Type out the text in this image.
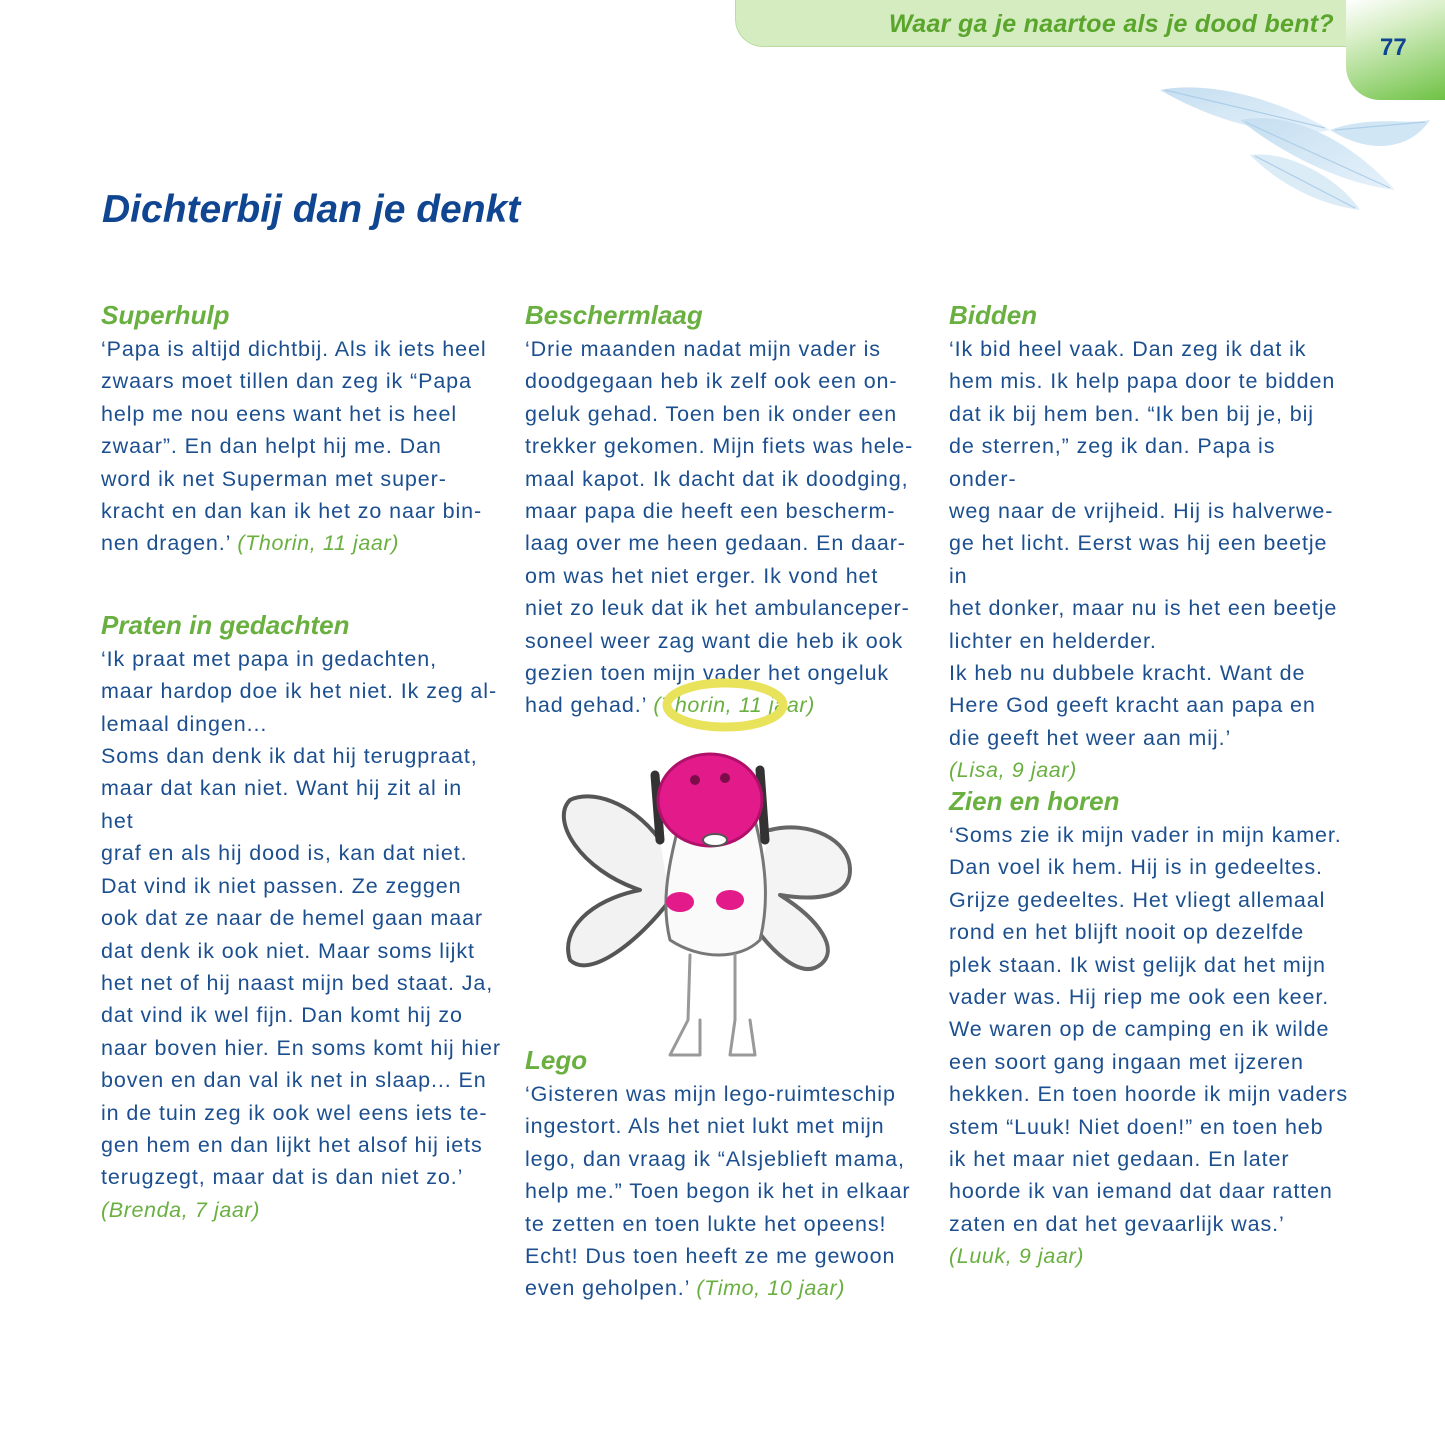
Waar ga je naartoe als je dood bent?
77
Dichterbij dan je denkt
Superhulp

‘Papa is altijd dichtbij. Als ik iets heel
zwaars moet tillen dan zeg ik “Papa
help me nou eens want het is heel
zwaar”. En dan helpt hij me. Dan
word ik net Superman met super-
kracht en dan kan ik het zo naar bin-
nen dragen.’ (Thorin, 11 jaar)

Praten in gedachten

‘Ik praat met papa in gedachten,
maar hardop doe ik het niet. Ik zeg al-
lemaal dingen...
Soms dan denk ik dat hij terugpraat,
maar dat kan niet. Want hij zit al in het
graf en als hij dood is, kan dat niet.
Dat vind ik niet passen. Ze zeggen
ook dat ze naar de hemel gaan maar
dat denk ik ook niet. Maar soms lijkt
het net of hij naast mijn bed staat. Ja,
dat vind ik wel fijn. Dan komt hij zo
naar boven hier. En soms komt hij hier
boven en dan val ik net in slaap... En
in de tuin zeg ik ook wel eens iets te-
gen hem en dan lijkt het alsof hij iets
terugzegt, maar dat is dan niet zo.’
(Brenda, 7 jaar)

Beschermlaag

‘Drie maanden nadat mijn vader is
doodgegaan heb ik zelf ook een on-
geluk gehad. Toen ben ik onder een
trekker gekomen. Mijn fiets was hele-
maal kapot. Ik dacht dat ik doodging,
maar papa die heeft een bescherm-
laag over me heen gedaan. En daar-
om was het niet erger. Ik vond het
niet zo leuk dat ik het ambulanceper-
soneel weer zag want die heb ik ook
gezien toen mijn vader het ongeluk
had gehad.’ (Thorin, 11 jaar)

Lego

‘Gisteren was mijn lego-ruimteschip
ingestort. Als het niet lukt met mijn
lego, dan vraag ik “Alsjeblieft mama,
help me.” Toen begon ik het in elkaar
te zetten en toen lukte het opeens!
Echt! Dus toen heeft ze me gewoon
even geholpen.’ (Timo, 10 jaar)

Bidden

‘Ik bid heel vaak. Dan zeg ik dat ik
hem mis. Ik help papa door te bidden
dat ik bij hem ben. “Ik ben bij je, bij
de sterren,” zeg ik dan. Papa is onder-
weg naar de vrijheid. Hij is halverwe-
ge het licht. Eerst was hij een beetje in
het donker, maar nu is het een beetje
lichter en helderder.
Ik heb nu dubbele kracht. Want de
Here God geeft kracht aan papa en
die geeft het weer aan mij.’
(Lisa, 9 jaar)

Zien en horen

‘Soms zie ik mijn vader in mijn kamer.
Dan voel ik hem. Hij is in gedeeltes.
Grijze gedeeltes. Het vliegt allemaal
rond en het blijft nooit op dezelfde
plek staan. Ik wist gelijk dat het mijn
vader was. Hij riep me ook een keer.
We waren op de camping en ik wilde
een soort gang ingaan met ijzeren
hekken. En toen hoorde ik mijn vaders
stem “Luuk! Niet doen!” en toen heb
ik het maar niet gedaan. En later
hoorde ik van iemand dat daar ratten
zaten en dat het gevaarlijk was.’
(Luuk, 9 jaar)
